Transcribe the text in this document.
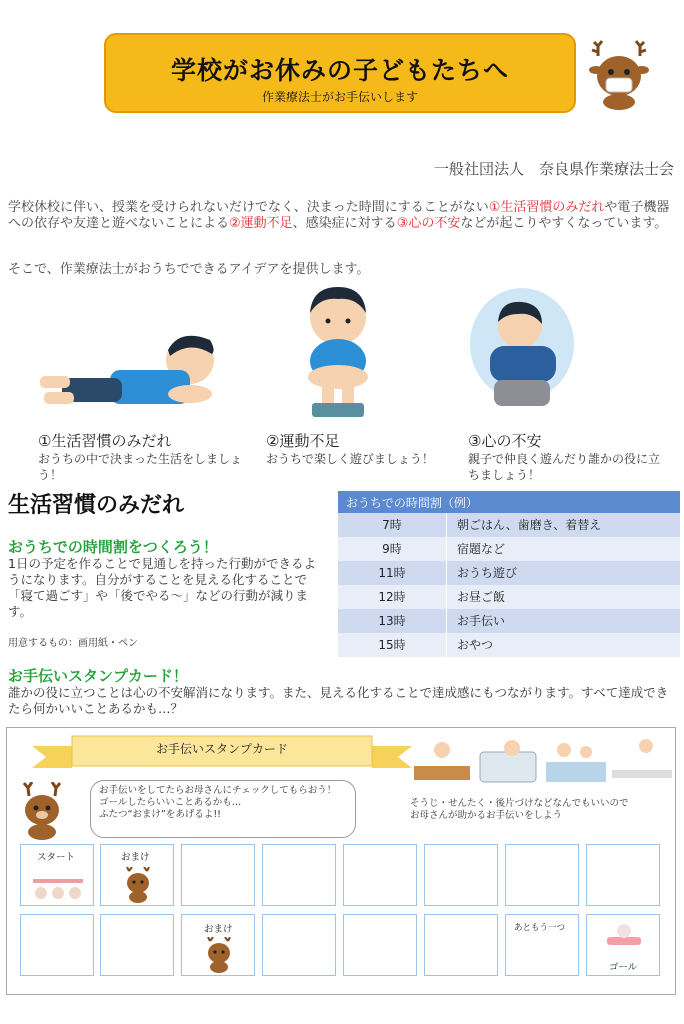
学校がお休みの子どもたちへ
作業療法士がお手伝いします
一般社団法人　奈良県作業療法士会
学校休校に伴い、授業を受けられないだけでなく、決まった時間にすることがない①生活習慣のみだれや電子機器への依存や友達と遊べないことによる②運動不足、感染症に対する③心の不安などが起こりやすくなっています。
そこで、作業療法士がおうちでできるアイデアを提供します。
①生活習慣のみだれ
おうちの中で決まった生活をしましょう！
②運動不足
おうちで楽しく遊びましょう！
③心の不安
親子で仲良く遊んだり誰かの役に立ちましょう！
生活習慣のみだれ
おうちでの時間割をつくろう！
1日の予定を作ることで見通しを持った行動ができるようになります。自分がすることを見える化することで「寝て過ごす」や「後でやる〜」などの行動が減ります。
用意するもの：画用紙・ペン
おうちでの時間割（例）
7時	朝ごはん、歯磨き、着替え
9時	宿題など
11時	おうち遊び
12時	お昼ご飯
13時	お手伝い
15時	おやつ
お手伝いスタンプカード！
誰かの役に立つことは心の不安解消になります。また、見える化することで達成感にもつながります。すべて達成できたら何かいいことあるかも…？
お手伝いスタンプカード
お手伝いをしてたらお母さんにチェックしてもらおう！
ゴールしたらいいことあるかも…
ふたつ“おまけ”をあげるよ!!
そうじ・せんたく・後片づけなどなんでもいいので
お母さんが助かるお手伝いをしよう
スタート	おまけ
おまけ	あともう一つ
ゴール
